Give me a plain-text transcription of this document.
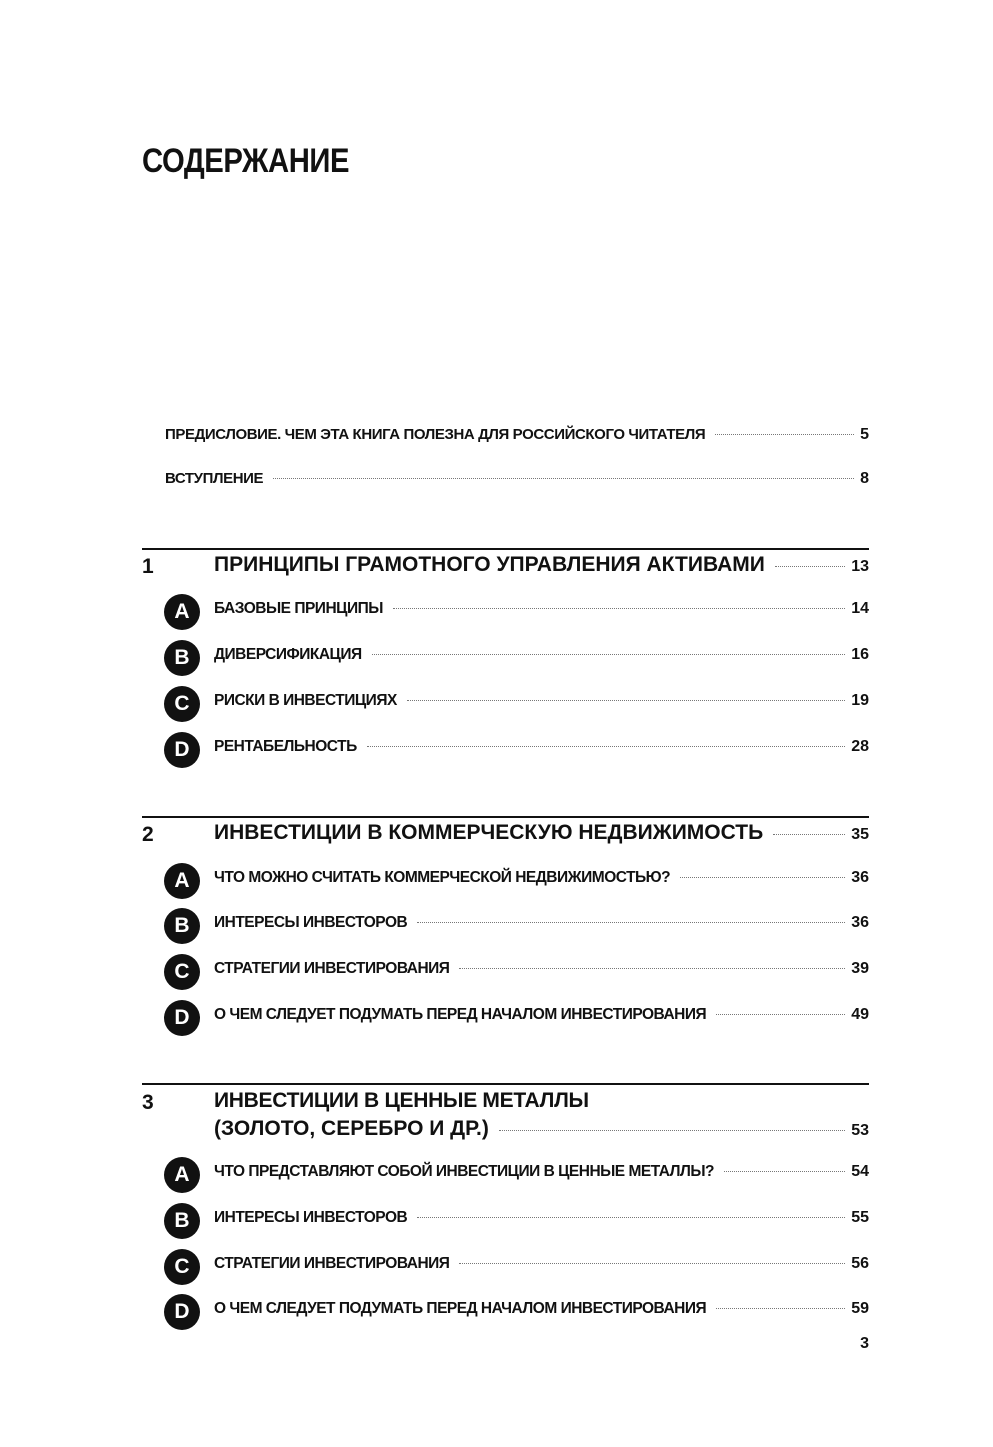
СОДЕРЖАНИЕ
ПРЕДИСЛОВИЕ. ЧЕМ ЭТА КНИГА ПОЛЕЗНА ДЛЯ РОССИЙСКОГО ЧИТАТЕЛЯ	5
ВСТУПЛЕНИЕ	8
1	ПРИНЦИПЫ ГРАМОТНОГО УПРАВЛЕНИЯ АКТИВАМИ	13
A	БАЗОВЫЕ ПРИНЦИПЫ	14
B	ДИВЕРСИФИКАЦИЯ	16
C	РИСКИ В ИНВЕСТИЦИЯХ	19
D	РЕНТАБЕЛЬНОСТЬ	28
2	ИНВЕСТИЦИИ В КОММЕРЧЕСКУЮ НЕДВИЖИМОСТЬ	35
A	ЧТО МОЖНО СЧИТАТЬ КОММЕРЧЕСКОЙ НЕДВИЖИМОСТЬЮ?	36
B	ИНТЕРЕСЫ ИНВЕСТОРОВ	36
C	СТРАТЕГИИ ИНВЕСТИРОВАНИЯ	39
D	О ЧЕМ СЛЕДУЕТ ПОДУМАТЬ ПЕРЕД НАЧАЛОМ ИНВЕСТИРОВАНИЯ	49
3	ИНВЕСТИЦИИ В ЦЕННЫЕ МЕТАЛЛЫ
(ЗОЛОТО, СЕРЕБРО И ДР.)	53
A	ЧТО ПРЕДСТАВЛЯЮТ СОБОЙ ИНВЕСТИЦИИ В ЦЕННЫЕ МЕТАЛЛЫ?	54
B	ИНТЕРЕСЫ ИНВЕСТОРОВ	55
C	СТРАТЕГИИ ИНВЕСТИРОВАНИЯ	56
D	О ЧЕМ СЛЕДУЕТ ПОДУМАТЬ ПЕРЕД НАЧАЛОМ ИНВЕСТИРОВАНИЯ	59
3
